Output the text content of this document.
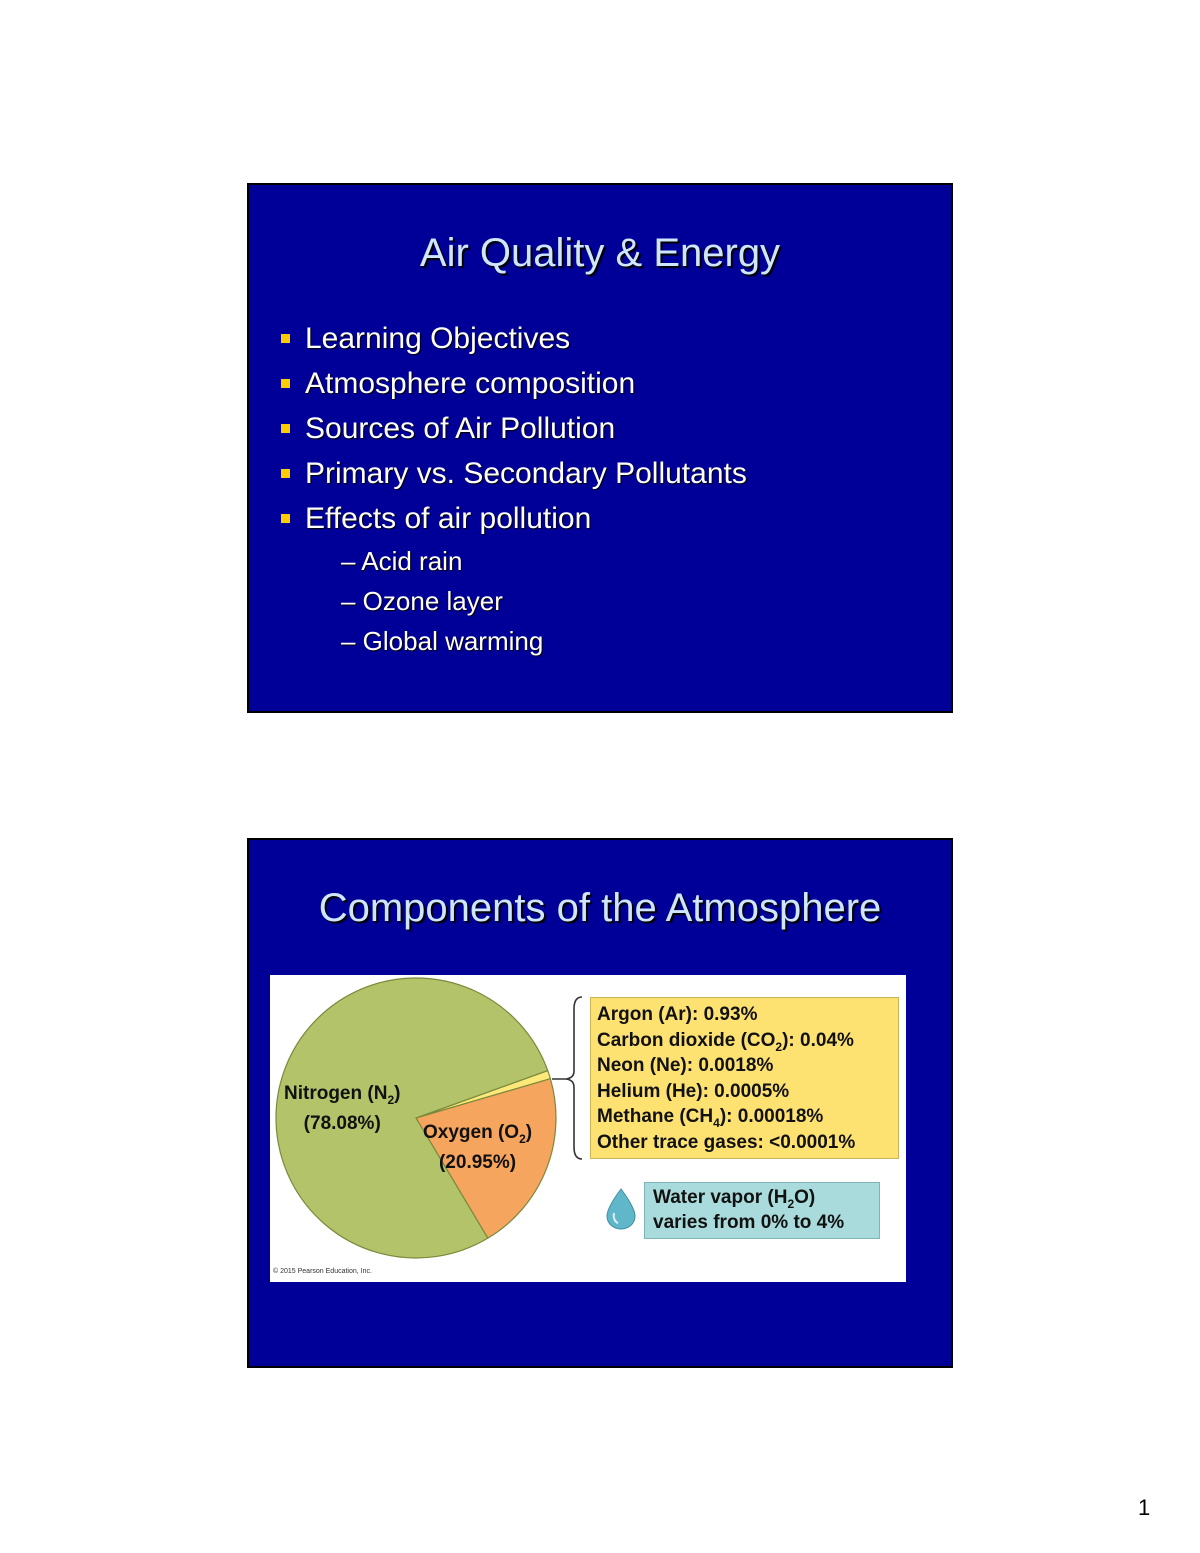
Air Quality & Energy
Learning Objectives
Atmosphere composition
Sources of Air Pollution
Primary vs. Secondary Pollutants
Effects of air pollution
– Acid rain
– Ozone layer
– Global warming
Components of the Atmosphere
Nitrogen $(N_2)$
(78.08%)	Oxygen $(O_2)$
(20.95%)
Argon (Ar): 0.93%
Carbon dioxide $(CO_2)$: 0.04%
Neon (Ne): 0.0018%
Helium (He): 0.0005%
Methane $(CH_4)$: 0.00018%
Other trace gases: <0.0001%
Water vapor $(H_2O)$
varies from 0% to 4%
© 2015 Pearson Education, Inc.
1
